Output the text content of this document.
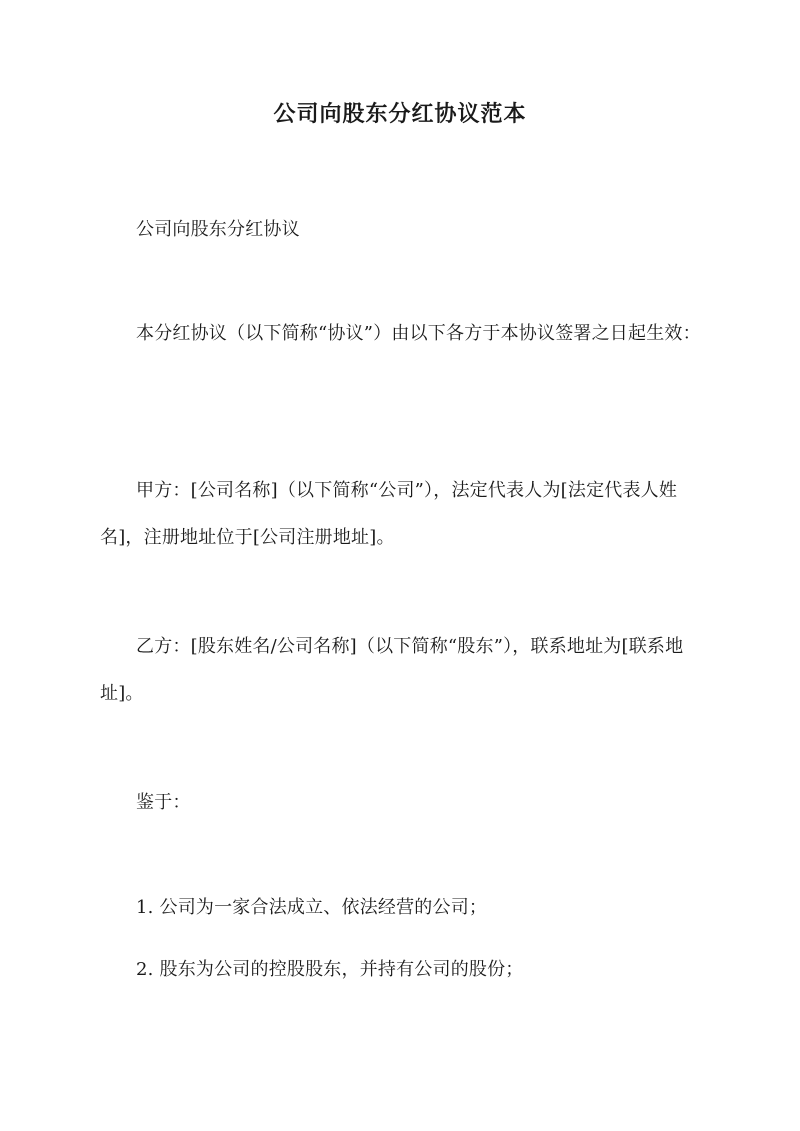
公司向股东分红协议范本
公司向股东分红协议
本分红协议（以下简称“协议”）由以下各方于本协议签署之日起生效：
甲方：[公司名称]（以下简称“公司”），法定代表人为[法定代表人姓名]，注册地址位于[公司注册地址]。
乙方：[股东姓名/公司名称]（以下简称“股东”），联系地址为[联系地址]。
鉴于：
1. 公司为一家合法成立、依法经营的公司；
2. 股东为公司的控股股东，并持有公司的股份；
